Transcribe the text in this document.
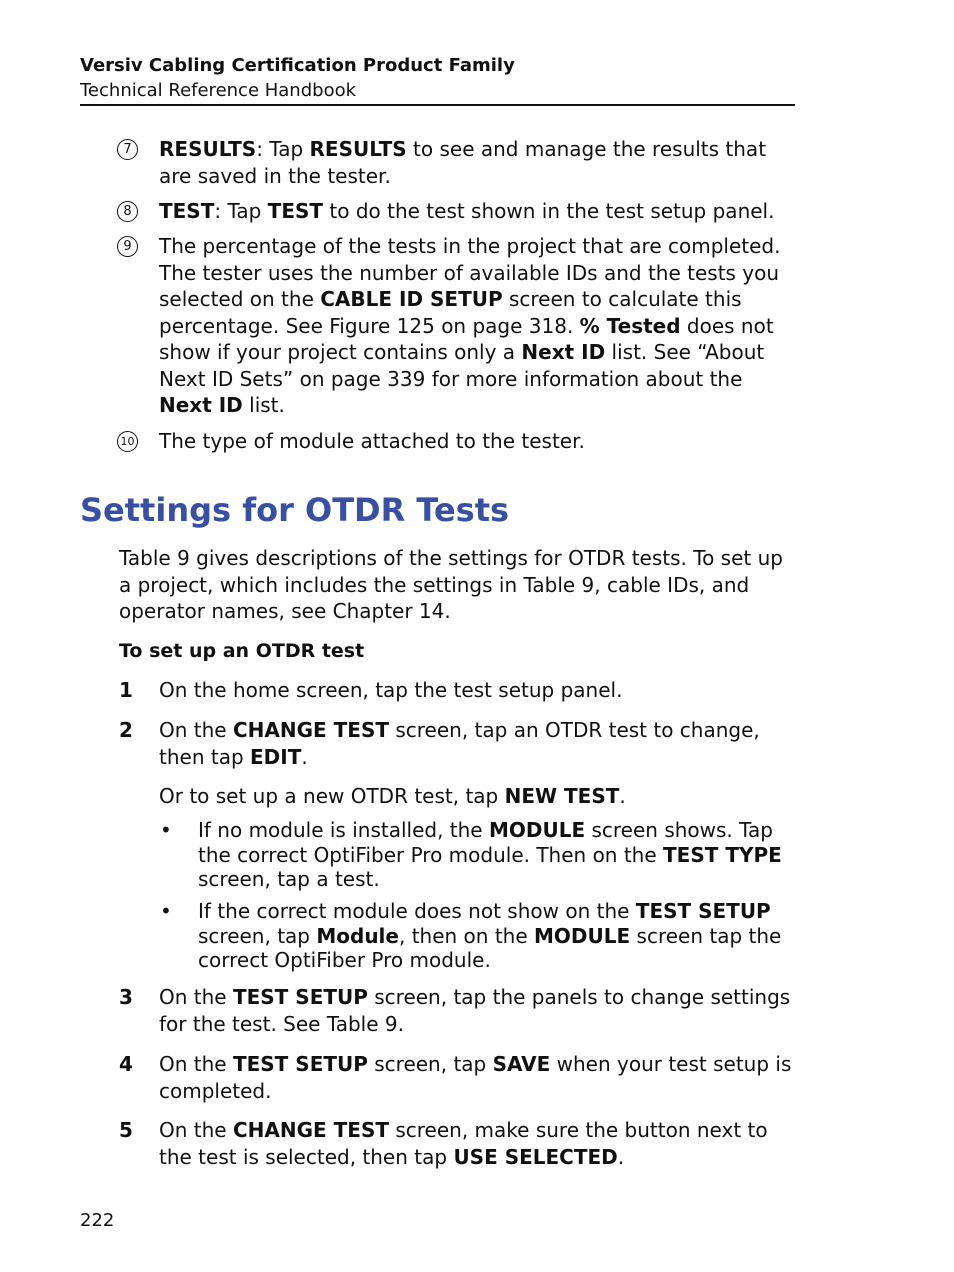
Versiv Cabling Certification Product Family
Technical Reference Handbook
7	RESULTS: Tap RESULTS to see and manage the results that are saved in the tester.
8	TEST: Tap TEST to do the test shown in the test setup panel.
9	The percentage of the tests in the project that are completed. The tester uses the number of available IDs and the tests you selected on the CABLE ID SETUP screen to calculate this percentage. See Figure 125 on page 318. % Tested does not show if your project contains only a Next ID list. See “About Next ID Sets” on page 339 for more information about the Next ID list.
10 The type of module attached to the tester.
Settings for OTDR Tests
Table 9 gives descriptions of the settings for OTDR tests. To set up a project, which includes the settings in Table 9, cable IDs, and operator names, see Chapter 14.
To set up an OTDR test
1 On the home screen, tap the test setup panel.
2 On the CHANGE TEST screen, tap an OTDR test to change, then tap EDIT.
Or to set up a new OTDR test, tap NEW TEST.
• If no module is installed, the MODULE screen shows. Tap the correct OptiFiber Pro module. Then on the TEST TYPE screen, tap a test.
• If the correct module does not show on the TEST SETUP screen, tap Module, then on the MODULE screen tap the correct OptiFiber Pro module.
3 On the TEST SETUP screen, tap the panels to change settings for the test. See Table 9.
4 On the TEST SETUP screen, tap SAVE when your test setup is completed.
5 On the CHANGE TEST screen, make sure the button next to the test is selected, then tap USE SELECTED.
222
